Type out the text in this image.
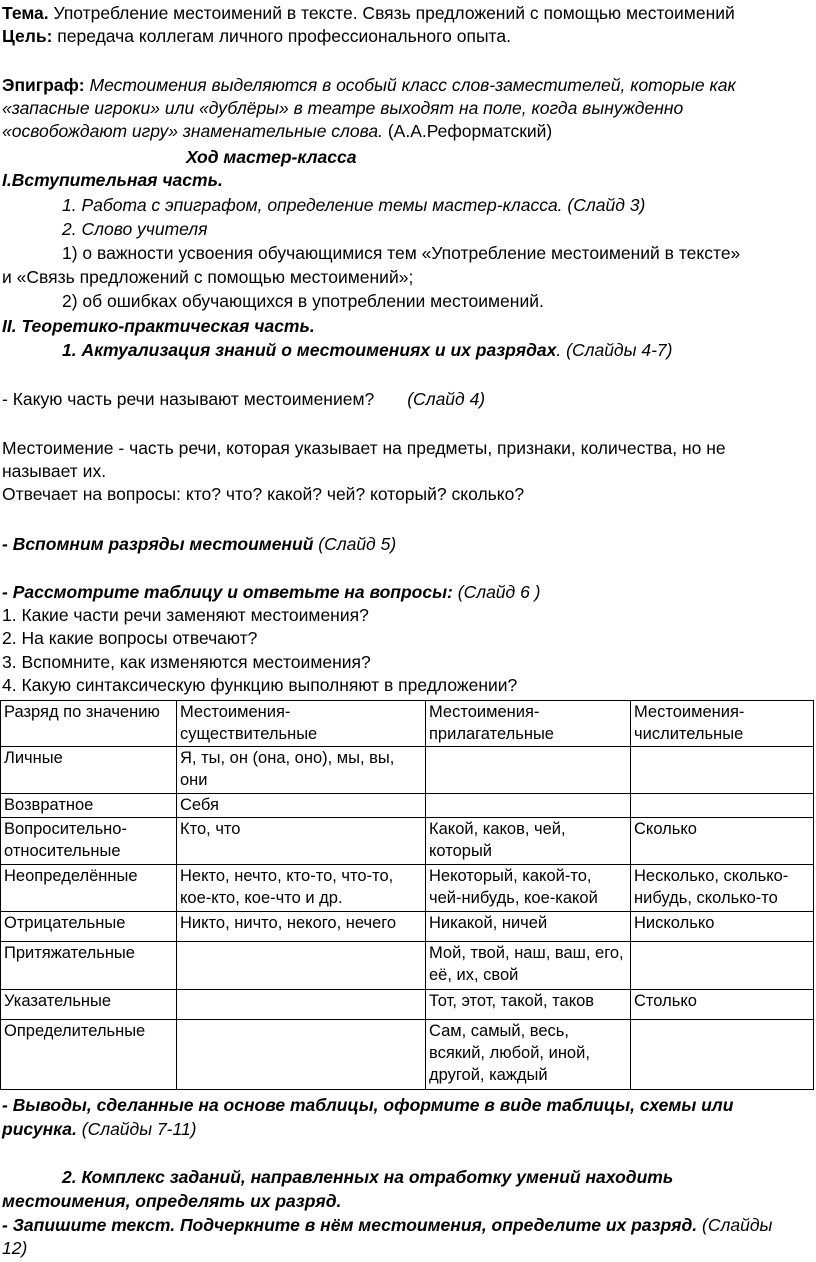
Тема. Употребление местоимений в тексте. Связь предложений с помощью местоимений
Цель: передача коллегам личного профессионального опыта.
Эпиграф: Местоимения выделяются в особый класс слов-заместителей, которые как
«запасные игроки» или «дублёры» в театре выходят на поле, когда вынужденно
«освобождают игру» знаменательные слова. (А.А.Реформатский)
Ход мастер-класса
I.Вступительная часть.
1. Работа с эпиграфом, определение темы мастер-класса. (Слайд 3)
2. Слово учителя
1) о важности усвоения обучающимися тем «Употребление местоимений в тексте»
и «Связь предложений с помощью местоимений»;
2) об ошибках обучающихся в употреблении местоимений.
II. Теоретико-практическая часть.
1. Актуализация знаний о местоимениях и их разрядах. (Слайды 4-7)
- Какую часть речи называют местоимением? (Слайд 4)
Местоимение - часть речи, которая указывает на предметы, признаки, количества, но не
называет их.
Отвечает на вопросы: кто? что? какой? чей? который? сколько?
- Вспомним разряды местоимений (Слайд 5)
- Рассмотрите таблицу и ответьте на вопросы: (Слайд 6 )
1. Какие части речи заменяют местоимения?
2. На какие вопросы отвечают?
3. Вспомните, как изменяются местоимения?
4. Какую синтаксическую функцию выполняют в предложении?
Разряд по значению	Местоимения-существительные	Местоимения-прилагательные	Местоимения-числительные
Личные	Я, ты, он (она, оно), мы, вы, они		
Возвратное	Себя		
Вопросительно-относительные	Кто, что	Какой, каков, чей, который	Сколько
Неопределённые	Некто, нечто, кто-то, что-то, кое-кто, кое-что и др.	Некоторый, какой-то, чей-нибудь, кое-какой	Несколько, сколько-нибудь, сколько-то
Отрицательные	Никто, ничто, некого, нечего	Никакой, ничей	Нисколько
Притяжательные		Мой, твой, наш, ваш, его, её, их, свой	
Указательные		Тот, этот, такой, таков	Столько
Определительные		Сам, самый, весь, всякий, любой, иной, другой, каждый	
- Выводы, сделанные на основе таблицы, оформите в виде таблицы, схемы или
рисунка. (Слайды 7-11)
2. Комплекс заданий, направленных на отработку умений находить
местоимения, определять их разряд.
- Запишите текст. Подчеркните в нём местоимения, определите их разряд. (Слайды
12)
